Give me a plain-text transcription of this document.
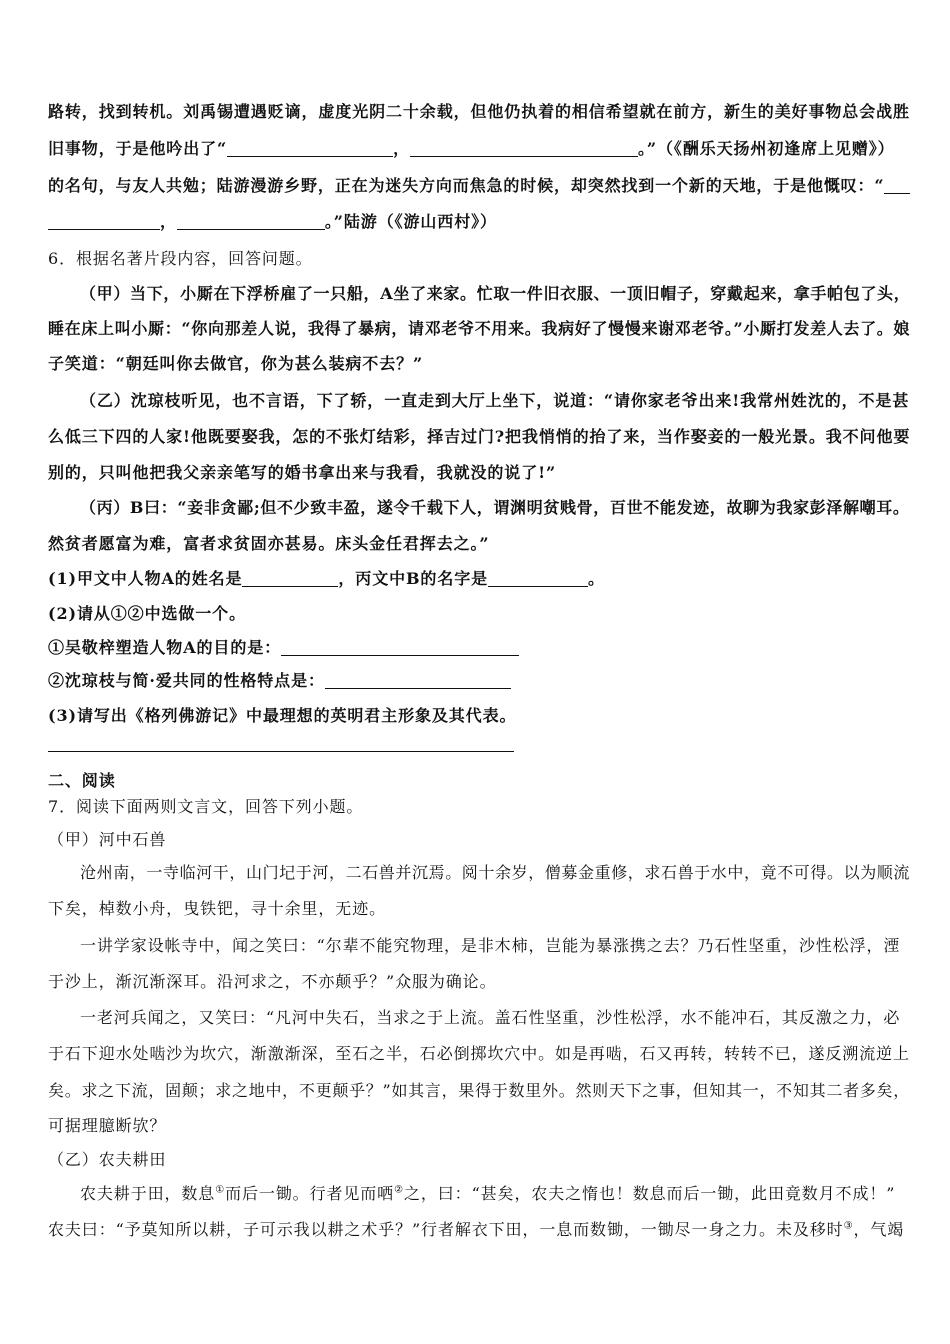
路转，找到转机。刘禹锡遭遇贬谪，虚度光阴二十余载，但他仍执着的相信希望就在前方，新生的美好事物总会战胜
旧事物，于是他吟出了“	，	。”（《酬乐天扬州初逢席上见赠》）
的名句，与友人共勉；陆游漫游乡野，正在为迷失方向而焦急的时候，却突然找到一个新的天地，于是他慨叹：“
，	。”陆游（《游山西村》）
6．根据名著片段内容，回答问题。
（甲）当下，小厮在下浮桥雇了一只船，A坐了来家。忙取一件旧衣服、一顶旧帽子，穿戴起来，拿手帕包了头，
睡在床上叫小厮：“你向那差人说，我得了暴病，请邓老爷不用来。我病好了慢慢来谢邓老爷。”小厮打发差人去了。娘
子笑道：“朝廷叫你去做官，你为甚么装病不去？”
（乙）沈琼枝听见，也不言语，下了轿，一直走到大厅上坐下，说道：“请你家老爷出来!我常州姓沈的，不是甚
么低三下四的人家!他既要娶我，怎的不张灯结彩，择吉过门?把我悄悄的抬了来，当作娶妾的一般光景。我不问他要
别的，只叫他把我父亲亲笔写的婚书拿出来与我看，我就没的说了!”
（丙）B曰：“妾非贪鄙;但不少致丰盈，遂令千载下人，谓渊明贫贱骨，百世不能发迹，故聊为我家彭泽解嘲耳。
然贫者愿富为难，富者求贫固亦甚易。床头金任君挥去之。”
(1)甲文中人物A的姓名是	，丙文中B的名字是	。
(2)请从①②中选做一个。
①吴敬梓塑造人物A的目的是：
②沈琼枝与简·爱共同的性格特点是：
(3)请写出《格列佛游记》中最理想的英明君主形象及其代表。
二、阅读
7．阅读下面两则文言文，回答下列小题。
（甲）河中石兽
沧州南，一寺临河干，山门圮于河，二石兽并沉焉。阅十余岁，僧募金重修，求石兽于水中，竟不可得。以为顺流
下矣，棹数小舟，曳铁钯，寻十余里，无迹。
一讲学家设帐寺中，闻之笑曰：“尔辈不能究物理，是非木柿，岂能为暴涨携之去？乃石性坚重，沙性松浮，湮
于沙上，渐沉渐深耳。沿河求之，不亦颠乎？”众服为确论。
一老河兵闻之，又笑曰：“凡河中失石，当求之于上流。盖石性坚重，沙性松浮，水不能冲石，其反激之力，必
于石下迎水处啮沙为坎穴，渐激渐深，至石之半，石必倒掷坎穴中。如是再啮，石又再转，转转不已，遂反溯流逆上
矣。求之下流，固颠；求之地中，不更颠乎？”如其言，果得于数里外。然则天下之事，但知其一，不知其二者多矣，
可据理臆断欤？
（乙）农夫耕田
农夫耕于田，数息①而后一锄。行者见而哂②之，曰：“甚矣，农夫之惰也！数息而后一锄，此田竟数月不成！”
农夫曰：“予莫知所以耕，子可示我以耕之术乎？”行者解衣下田，一息而数锄，一锄尽一身之力。未及移时③，气竭
